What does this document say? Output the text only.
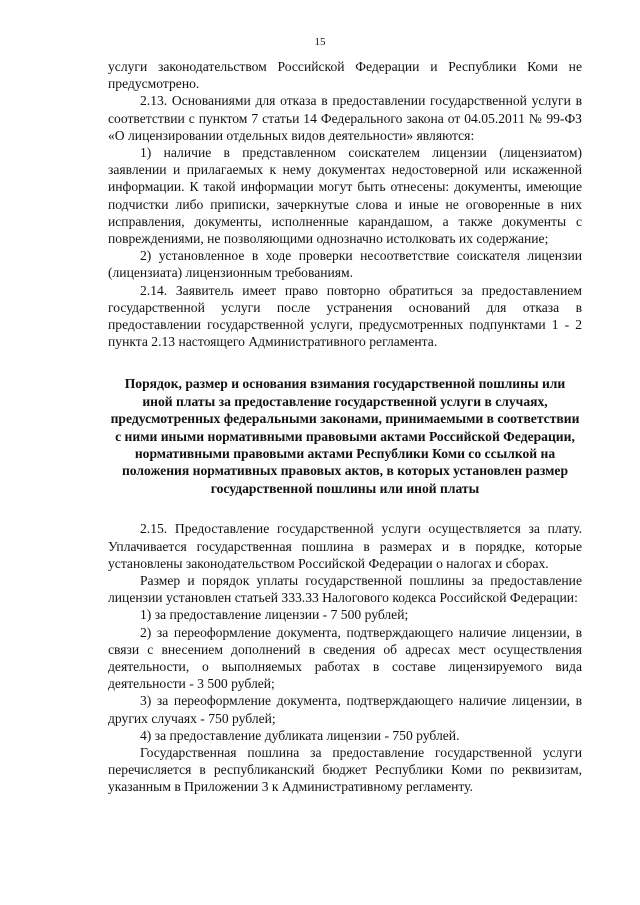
15

услуги законодательством Российской Федерации и Республики Коми не предусмотрено.

2.13. Основаниями для отказа в предоставлении государственной услуги в соответствии с пунктом 7 статьи 14 Федерального закона от 04.05.2011 № 99-ФЗ «О лицензировании отдельных видов деятельности» являются:

1) наличие в представленном соискателем лицензии (лицензиатом) заявлении и прилагаемых к нему документах недостоверной или искаженной информации. К такой информации могут быть отнесены: документы, имеющие подчистки либо приписки, зачеркнутые слова и иные не оговоренные в них исправления, документы, исполненные карандашом, а также документы с повреждениями, не позволяющими однозначно истолковать их содержание;

2) установленное в ходе проверки несоответствие соискателя лицензии (лицензиата) лицензионным требованиям.

2.14. Заявитель имеет право повторно обратиться за предоставлением государственной услуги после устранения оснований для отказа в предоставлении государственной услуги, предусмотренных подпунктами 1 - 2 пункта 2.13 настоящего Административного регламента.

Порядок, размер и основания взимания государственной пошлины или иной платы за предоставление государственной услуги в случаях, предусмотренных федеральными законами, принимаемыми в соответствии с ними иными нормативными правовыми актами Российской Федерации, нормативными правовыми актами Республики Коми со ссылкой на положения нормативных правовых актов, в которых установлен размер государственной пошлины или иной платы

2.15. Предоставление государственной услуги осуществляется за плату. Уплачивается государственная пошлина в размерах и в порядке, которые установлены законодательством Российской Федерации о налогах и сборах.

Размер и порядок уплаты государственной пошлины за предоставление лицензии установлен статьей 333.33 Налогового кодекса Российской Федерации:

1) за предоставление лицензии - 7 500 рублей;

2) за переоформление документа, подтверждающего наличие лицензии, в связи с внесением дополнений в сведения об адресах мест осуществления деятельности, о выполняемых работах в составе лицензируемого вида деятельности - 3 500 рублей;

3) за переоформление документа, подтверждающего наличие лицензии, в других случаях - 750 рублей;

4) за предоставление дубликата лицензии - 750 рублей.

Государственная пошлина за предоставление государственной услуги перечисляется в республиканский бюджет Республики Коми по реквизитам, указанным в Приложении 3 к Административному регламенту.
